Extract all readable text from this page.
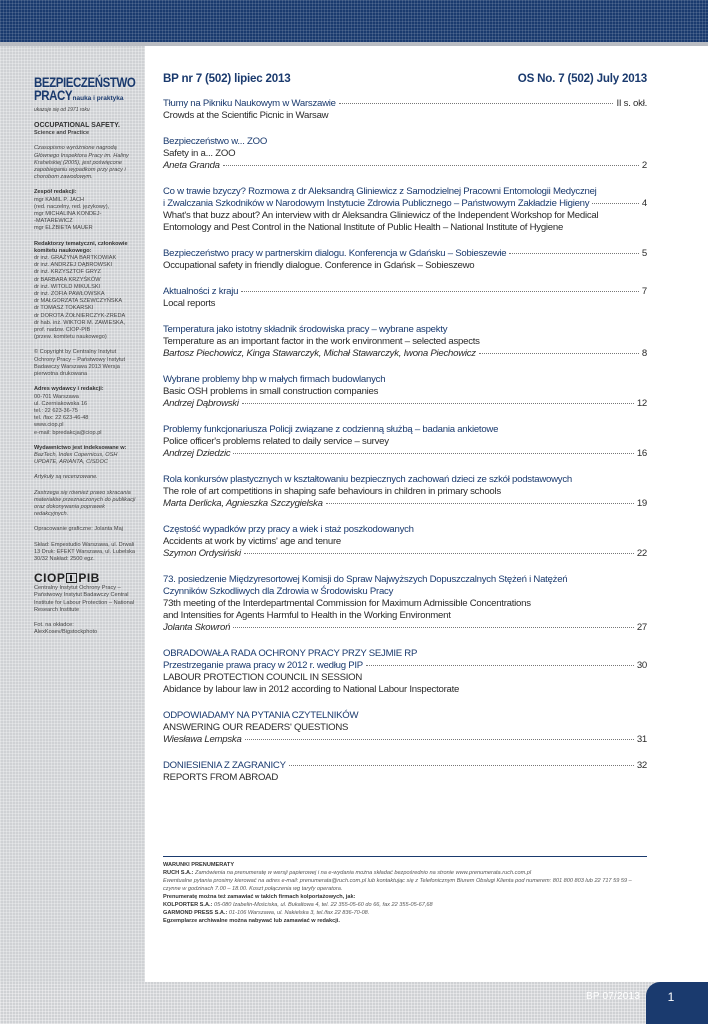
BEZPIECZEŃSTWO
PRACY nauka i praktyka
ukazuje się od 1971 roku
OCCUPATIONAL SAFETY.
Science and Practice
Czasopismo wyróżnione nagrodą Głównego Inspektora Pracy im. Haliny Krahelskiej (2005), jest poświęcone zapobieganiu wypadkom przy pracy i chorobom zawodowym.
Zespół redakcji:
mgr KAMIL P. JACH
(red. naczelny, red. językowy),
mgr MICHALINA KONDEJ-
-MATAREWICZ
mgr ELŻBIETA MAUER
Redaktorzy tematyczni, członkowie komitetu naukowego:
dr inż. GRAŻYNA BARTKOWIAK
dr inż. ANDRZEJ DĄBROWSKI
dr inż. KRZYSZTOF GRYZ
dr BARBARA KRZYŚKÓW
dr inż. WITOLD MIKULSKI
dr inż. ZOFIA PAWŁOWSKA
dr MAŁGORZATA SZEWCZYŃSKA
dr TOMASZ TOKARSKI
dr DOROTA ŻOŁNIERCZYK-ZREDA
dr hab. inż. WIKTOR M. ZAWIESKA,
prof. nadzw. CIOP-PIB
(przew. komitetu naukowego)
© Copyright by Centralny Instytut Ochrony Pracy – Państwowy Instytut Badawczy Warszawa 2013 Wersja pierwotna drukowana
Adres wydawcy i redakcji:
00-701 Warszawa
ul. Czerniakowska 16
tel.: 22 623-36-75
tel. /fax: 22 623-46-48
www.ciop.pl
e-mail: bpredakcja@ciop.pl
Wydawnictwo jest indeksowane w:
BazTech, Index Copernicus, OSH UPDATE, ARIANTA, CISDOC
Artykuły są recenzowane.
Zastrzega się również prawo skracania materiałów przeznaczonych do publikacji oraz dokonywania poprawek redakcyjnych.
Opracowanie graficzne: Jolanta Maj
Skład: Empestudio Warszawa, ul. Drwali 13 Druk: EFEKT Warszawa, ul. Lubelska 30/32 Nakład: 2500 egz.
CIOP PIB
Centralny Instytut Ochrony Pracy – Państwowy Instytut Badawczy Central Institute for Labour Protection – National Research Institute
Fot. na okładce: AlexKosev/Bigstockphoto
BP nr 7 (502) lipiec 2013	OS No. 7 (502) July 2013
Tłumy na Pikniku Naukowym w Warszawie	II s. okł.
Crowds at the Scientific Picnic in Warsaw
Bezpieczeństwo w... ZOO
Safety in a... ZOO
Aneta Granda	2
Co w trawie bzyczy? Rozmowa z dr Aleksandrą Gliniewicz z Samodzielnej Pracowni Entomologii Medycznej
i Zwalczania Szkodników w Narodowym Instytucie Zdrowia Publicznego – Państwowym Zakładzie Higieny	4
What's that buzz about? An interview with dr Aleksandra Gliniewicz of the Independent Workshop for Medical
Entomology and Pest Control in the National Institute of Public Health – National Institute of Hygiene
Bezpieczeństwo pracy w partnerskim dialogu. Konferencja w Gdańsku – Sobieszewie	5
Occupational safety in friendly dialogue. Conference in Gdańsk – Sobieszewo
Aktualności z kraju	7
Local reports
Temperatura jako istotny składnik środowiska pracy – wybrane aspekty
Temperature as an important factor in the work environment – selected aspects
Bartosz Piechowicz, Kinga Stawarczyk, Michał Stawarczyk, Iwona Piechowicz	8
Wybrane problemy bhp w małych firmach budowlanych
Basic OSH problems in small construction companies
Andrzej Dąbrowski	12
Problemy funkcjonariusza Policji związane z codzienną służbą – badania ankietowe
Police officer's problems related to daily service – survey
Andrzej Dziedzic	16
Rola konkursów plastycznych w kształtowaniu bezpiecznych zachowań dzieci ze szkół podstawowych
The role of art competitions in shaping safe behaviours in children in primary schools
Marta Derlicka, Agnieszka Szczygielska	19
Częstość wypadków przy pracy a wiek i staż poszkodowanych
Accidents at work by victims' age and tenure
Szymon Ordysiński	22
73. posiedzenie Międzyresortowej Komisji do Spraw Najwyższych Dopuszczalnych Stężeń i Natężeń
Czynników Szkodliwych dla Zdrowia w Środowisku Pracy
73th meeting of the Interdepartmental Commission for Maximum Admissible Concentrations
and Intensities for Agents Harmful to Health in the Working Environment
Jolanta Skowroń	27
OBRADOWAŁA RADA OCHRONY PRACY PRZY SEJMIE RP
Przestrzeganie prawa pracy w 2012 r. według PIP	30
LABOUR PROTECTION COUNCIL IN SESSION
Abidance by labour law in 2012 according to National Labour Inspectorate
ODPOWIADAMY NA PYTANIA CZYTELNIKÓW
ANSWERING OUR READERS' QUESTIONS
Wiesława Lempska	31
DONIESIENIA Z ZAGRANICY	32
REPORTS FROM ABROAD
WARUNKI PRENUMERATY
RUCH S.A.: Zamówienia na prenumeratę w wersji papierowej i na e-wydania można składać bezpośrednio na stronie www.prenumerata.ruch.com.pl
Ewentualne pytania prosimy kierować na adres e-mail: prenumerata@ruch.com.pl lub kontaktując się z Telefonicznym Biurem Obsługi Klienta pod numerem: 801 800 803 lub 22 717 59 59 – czynne w godzinach 7.00 – 18.00. Koszt połączenia wg taryfy operatora.
Prenumeratę można też zamawiać w takich firmach kolportażowych, jak:
KOLPORTER S.A.: 05-080 Izabelin-Mościska, ul. Bukaltowa 4, tel. 22 355-05-60 do 66, fax 22 355-05-67,68
GARMOND PRESS S.A.: 01-106 Warszawa, ul. Nakielska 3, tel./fax 22 836-70-08.
Egzemplarze archiwalne można nabywać lub zamawiać w redakcji.
BP 07/2013	1
